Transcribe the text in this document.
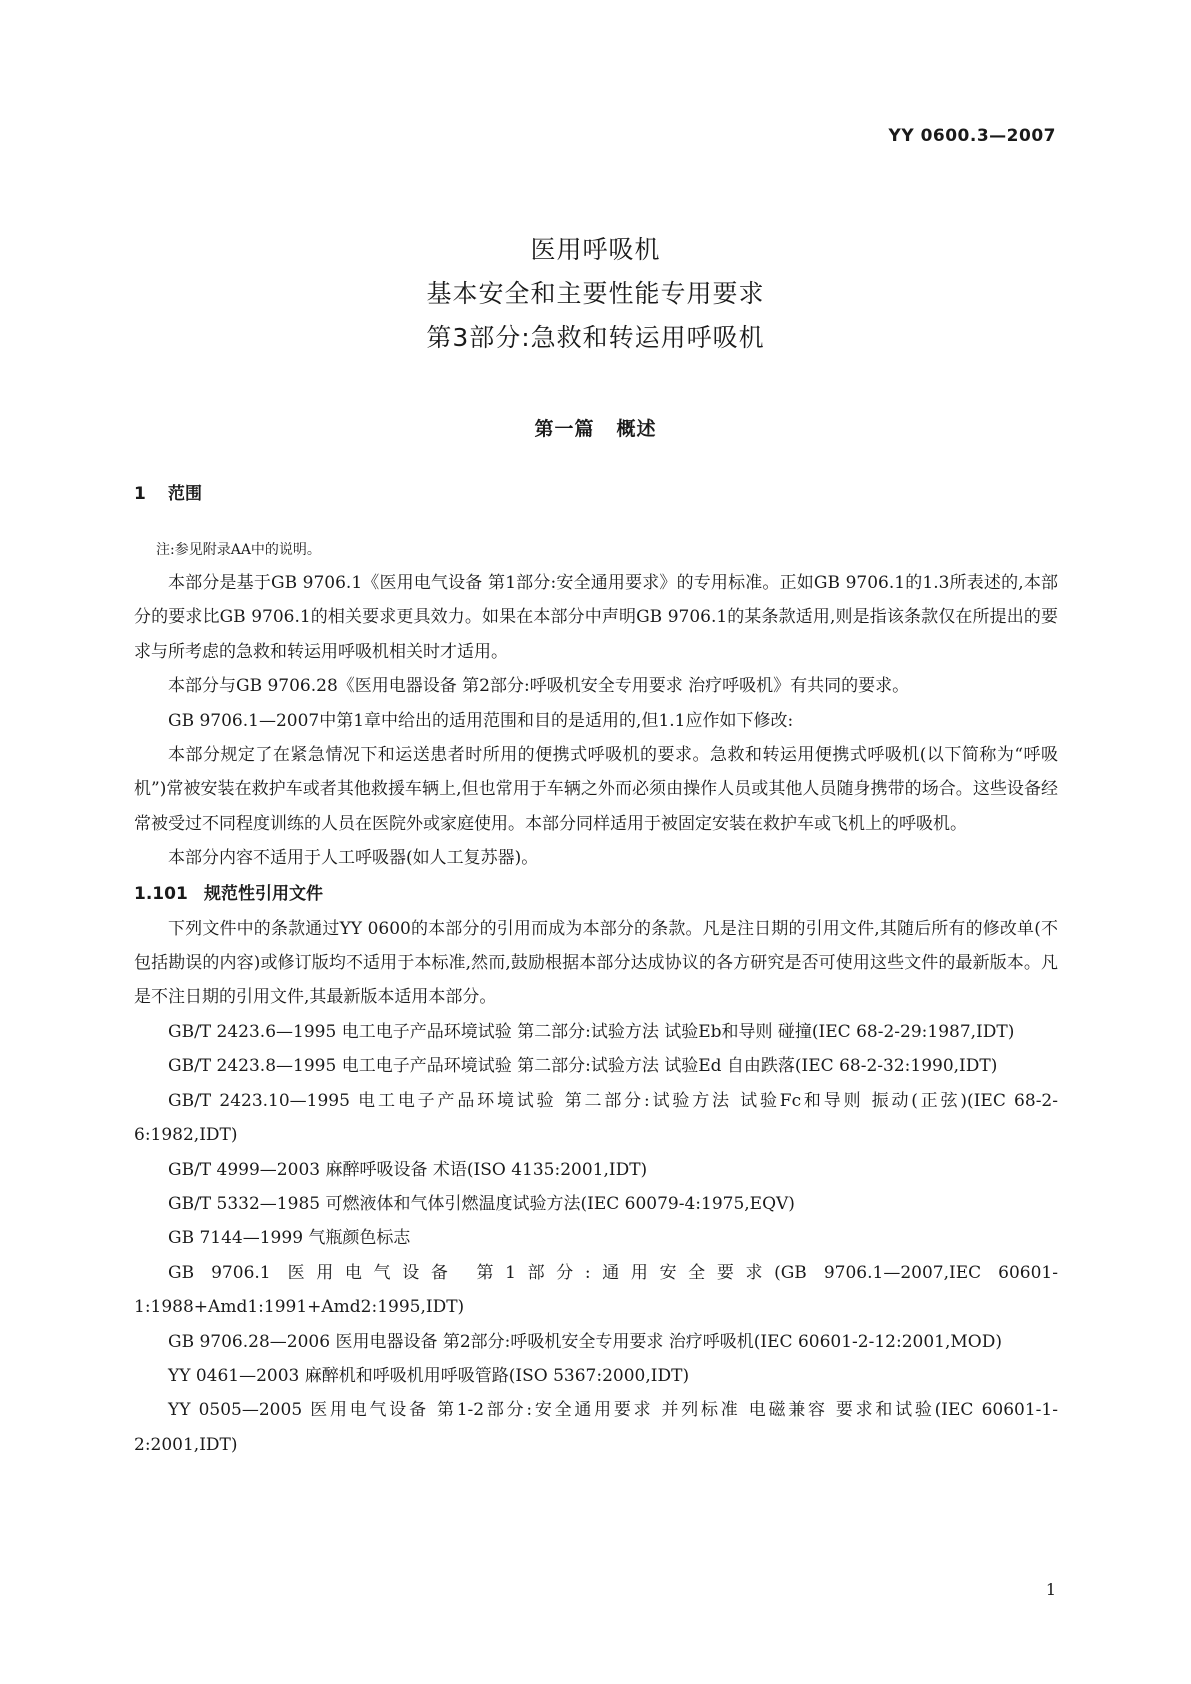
YY 0600.3—2007
医用呼吸机
基本安全和主要性能专用要求
第3部分:急救和转运用呼吸机
第一篇 概述
1 范围
注:参见附录AA中的说明。

本部分是基于GB 9706.1《医用电气设备 第1部分:安全通用要求》的专用标准。正如GB 9706.1的1.3所表述的,本部分的要求比GB 9706.1的相关要求更具效力。如果在本部分中声明GB 9706.1的某条款适用,则是指该条款仅在所提出的要求与所考虑的急救和转运用呼吸机相关时才适用。

本部分与GB 9706.28《医用电器设备 第2部分:呼吸机安全专用要求 治疗呼吸机》有共同的要求。

GB 9706.1—2007中第1章中给出的适用范围和目的是适用的,但1.1应作如下修改:

本部分规定了在紧急情况下和运送患者时所用的便携式呼吸机的要求。急救和转运用便携式呼吸机(以下简称为“呼吸机”)常被安装在救护车或者其他救援车辆上,但也常用于车辆之外而必须由操作人员或其他人员随身携带的场合。这些设备经常被受过不同程度训练的人员在医院外或家庭使用。本部分同样适用于被固定安装在救护车或飞机上的呼吸机。

本部分内容不适用于人工呼吸器(如人工复苏器)。

1.101 规范性引用文件

下列文件中的条款通过YY 0600的本部分的引用而成为本部分的条款。凡是注日期的引用文件,其随后所有的修改单(不包括勘误的内容)或修订版均不适用于本标准,然而,鼓励根据本部分达成协议的各方研究是否可使用这些文件的最新版本。凡是不注日期的引用文件,其最新版本适用本部分。

GB/T 2423.6—1995 电工电子产品环境试验 第二部分:试验方法 试验Eb和导则 碰撞(IEC 68-2-29:1987,IDT)

GB/T 2423.8—1995 电工电子产品环境试验 第二部分:试验方法 试验Ed 自由跌落(IEC 68-2-32:1990,IDT)

GB/T 2423.10—1995 电工电子产品环境试验 第二部分:试验方法 试验Fc和导则 振动(正弦)(IEC 68-2-6:1982,IDT)

GB/T 4999—2003 麻醉呼吸设备 术语(ISO 4135:2001,IDT)

GB/T 5332—1985 可燃液体和气体引燃温度试验方法(IEC 60079-4:1975,EQV)

GB 7144—1999 气瓶颜色标志

GB 9706.1 医用电气设备 第1部分:通用安全要求(GB 9706.1—2007,IEC 60601-1:1988+Amd1:1991+Amd2:1995,IDT)

GB 9706.28—2006 医用电器设备 第2部分:呼吸机安全专用要求 治疗呼吸机(IEC 60601-2-12:2001,MOD)

YY 0461—2003 麻醉机和呼吸机用呼吸管路(ISO 5367:2000,IDT)

YY 0505—2005 医用电气设备 第1-2部分:安全通用要求 并列标准 电磁兼容 要求和试验(IEC 60601-1-2:2001,IDT)

1
